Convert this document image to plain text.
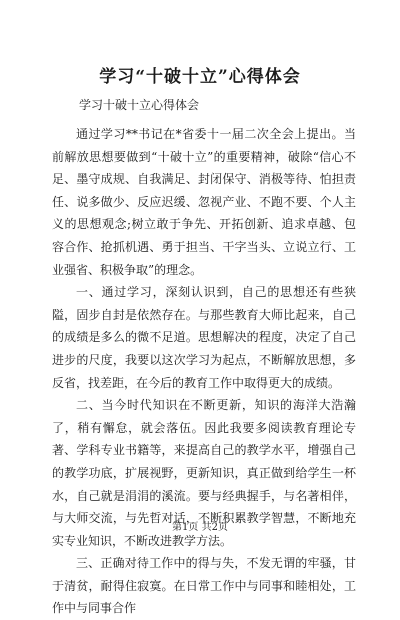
学习“十破十立”心得体会

学习十破十立心得体会

通过学习**书记在*省委十一届二次全会上提出。当前解放思想要做到“十破十立”的重要精神，破除“信心不足、墨守成规、自我满足、封闭保守、消极等待、怕担责任、说多做少、反应迟缓、忽视产业、不跑不要、个人主义的思想观念;树立敢于争先、开拓创新、追求卓越、包容合作、抢抓机遇、勇于担当、干字当头、立说立行、工业强省、积极争取”的理念。

一、通过学习，深刻认识到，自己的思想还有些狭隘，固步自封是依然存在。与那些教育大师比起来，自己的成绩是多么的微不足道。思想解决的程度，决定了自己进步的尺度，我要以这次学习为起点，不断解放思想，多反省，找差距，在今后的教育工作中取得更大的成绩。

二、当今时代知识在不断更新，知识的海洋大浩瀚了，稍有懈怠，就会落伍。因此我要多阅读教育理论专著、学科专业书籍等，来提高自己的教学水平，增强自己的教学功底，扩展视野，更新知识，真正做到给学生一杯水，自己就是涓涓的溪流。要与经典握手，与名著相伴，与大师交流，与先哲对话，不断积累教学智慧，不断地充实专业知识，不断改进教学方法。

三、正确对待工作中的得与失，不发无谓的牢骚，甘于清贫，耐得住寂寞。在日常工作中与同事和睦相处，工作中与同事合作

第1页 共2页
